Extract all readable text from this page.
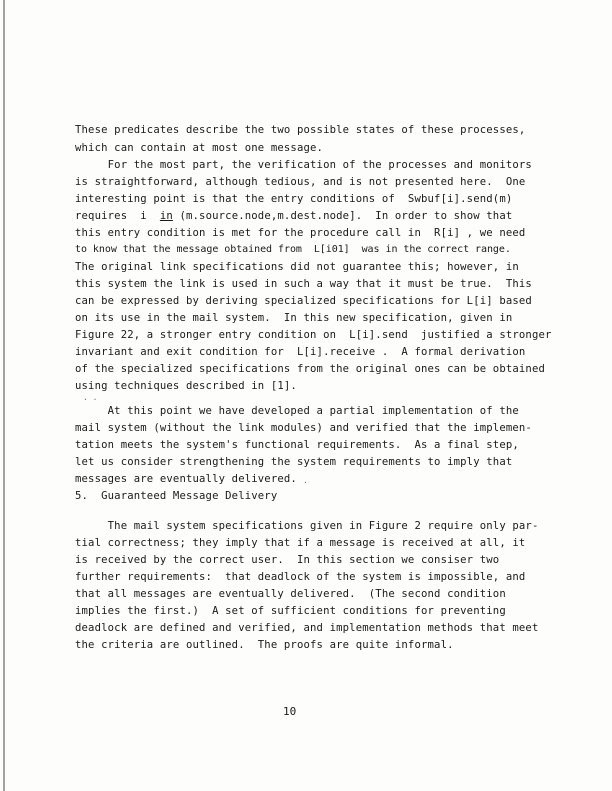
These predicates describe the two possible states of these processes,
which can contain at most one message.
For the most part, the verification of the processes and monitors
is straightforward, although tedious, and is not presented here.  One
interesting point is that the entry conditions of  Swbuf[i].send(m)
requires  i  in (m.source.node,m.dest.node].  In order to show that
this entry condition is met for the procedure call in  R[i] , we need
to know that the message obtained from  L[i01]  was in the correct range.
The original link specifications did not guarantee this; however, in
this system the link is used in such a way that it must be true.  This
can be expressed by deriving specialized specifications for L[i] based
on its use in the mail system.  In this new specification, given in
Figure 22, a stronger entry condition on  L[i].send  justified a stronger
invariant and exit condition for  L[i].receive .  A formal derivation
of the specialized specifications from the original ones can be obtained
using techniques described in [1].
· ·
At this point we have developed a partial implementation of the
mail system (without the link modules) and verified that the implemen-
tation meets the system's functional requirements.  As a final step,
let us consider strengthening the system requirements to imply that
messages are eventually delivered. ·
5.  Guaranteed Message Delivery
The mail system specifications given in Figure 2 require only par-
tial correctness; they imply that if a message is received at all, it
is received by the correct user.  In this section we consiser two
further requirements:  that deadlock of the system is impossible, and
that all messages are eventually delivered.  (The second condition
implies the first.)  A set of sufficient conditions for preventing
deadlock are defined and verified, and implementation methods that meet
the criteria are outlined.  The proofs are quite informal.
10
